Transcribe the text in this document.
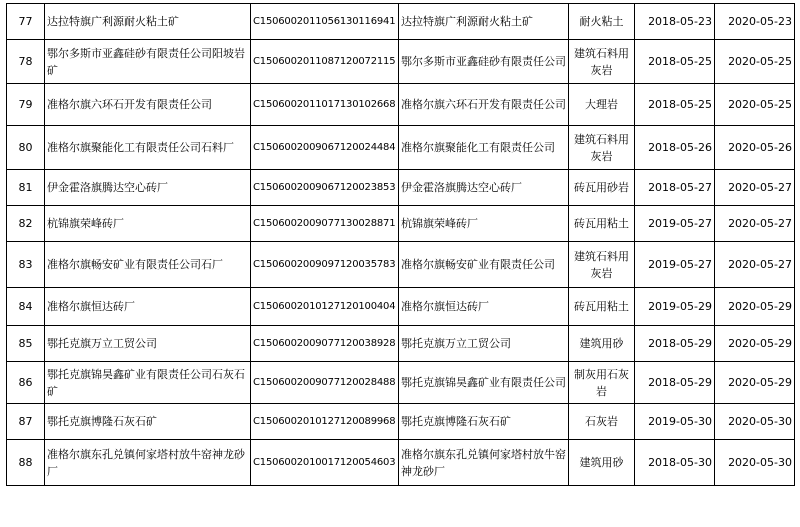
77	达拉特旗广利源耐火粘土矿	C1506002011056130116941	达拉特旗广利源耐火粘土矿	耐火粘土	2018-05-23	2020-05-23
78	鄂尔多斯市亚鑫硅砂有限责任公司阳坡岩矿	C1506002011087120072115	鄂尔多斯市亚鑫硅砂有限责任公司	建筑石料用灰岩	2018-05-25	2020-05-25
79	准格尔旗六环石开发有限责任公司	C1506002011017130102668	准格尔旗六环石开发有限责任公司	大理岩	2018-05-25	2020-05-25
80	准格尔旗聚能化工有限责任公司石料厂	C1506002009067120024484	准格尔旗聚能化工有限责任公司	建筑石料用灰岩	2018-05-26	2020-05-26
81	伊金霍洛旗腾达空心砖厂	C1506002009067120023853	伊金霍洛旗腾达空心砖厂	砖瓦用砂岩	2018-05-27	2020-05-27
82	杭锦旗荣峰砖厂	C1506002009077130028871	杭锦旗荣峰砖厂	砖瓦用粘土	2019-05-27	2020-05-27
83	准格尔旗畅安矿业有限责任公司石厂	C1506002009097120035783	准格尔旗畅安矿业有限责任公司	建筑石料用灰岩	2019-05-27	2020-05-27
84	准格尔旗恒达砖厂	C1506002010127120100404	准格尔旗恒达砖厂	砖瓦用粘土	2019-05-29	2020-05-29
85	鄂托克旗万立工贸公司	C1506002009077120038928	鄂托克旗万立工贸公司	建筑用砂	2018-05-29	2020-05-29
86	鄂托克旗锦昊鑫矿业有限责任公司石灰石矿	C1506002009077120028488	鄂托克旗锦昊鑫矿业有限责任公司	制灰用石灰岩	2018-05-29	2020-05-29
87	鄂托克旗博隆石灰石矿	C1506002010127120089968	鄂托克旗博隆石灰石矿	石灰岩	2019-05-30	2020-05-30
88	准格尔旗东孔兑镇何家塔村放牛窑神龙砂厂	C1506002010017120054603	准格尔旗东孔兑镇何家塔村放牛窑神龙砂厂	建筑用砂	2018-05-30	2020-05-30
